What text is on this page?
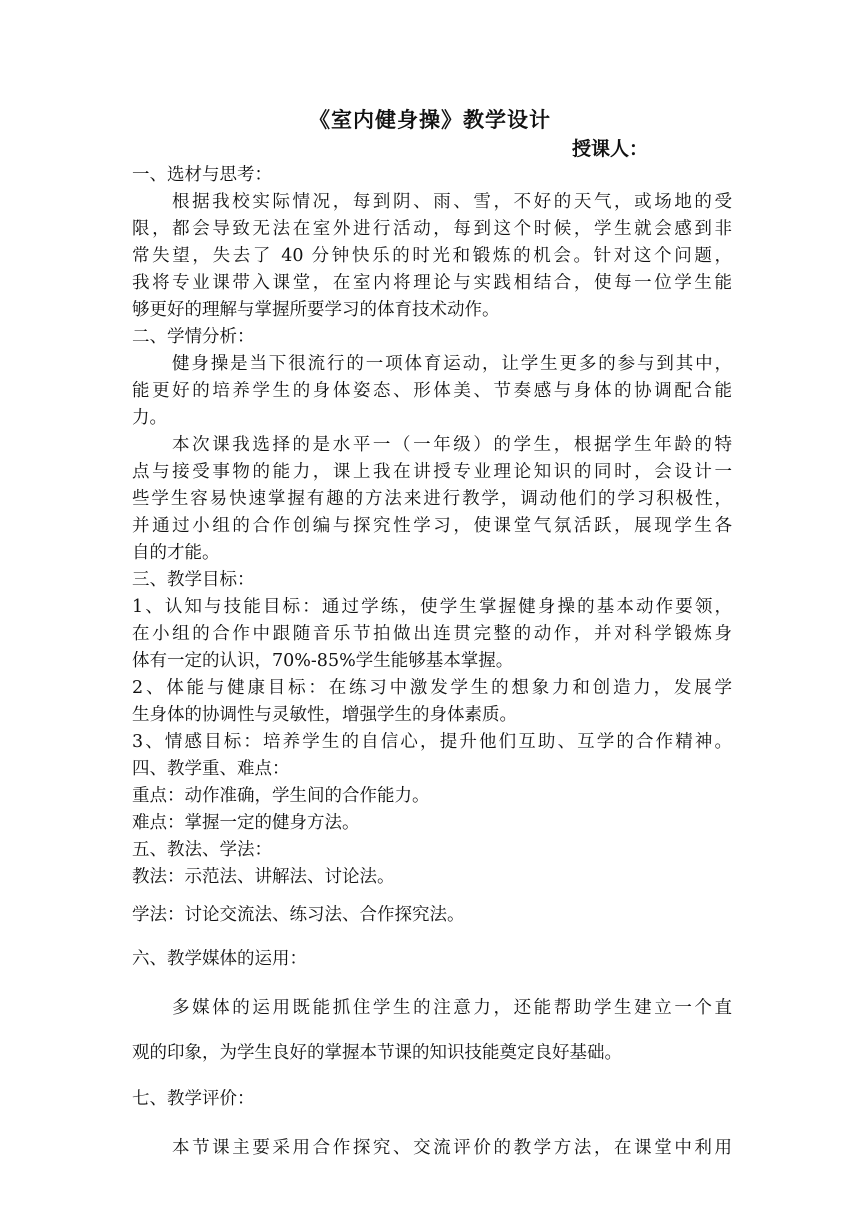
《室内健身操》教学设计
授课人：
一、选材与思考：
根据我校实际情况，每到阴、雨、雪，不好的天气，或场地的受
限，都会导致无法在室外进行活动，每到这个时候，学生就会感到非
常失望，失去了 40 分钟快乐的时光和锻炼的机会。针对这个问题，
我将专业课带入课堂，在室内将理论与实践相结合，使每一位学生能
够更好的理解与掌握所要学习的体育技术动作。
二、学情分析：
健身操是当下很流行的一项体育运动，让学生更多的参与到其中，
能更好的培养学生的身体姿态、形体美、节奏感与身体的协调配合能
力。
本次课我选择的是水平一（一年级）的学生，根据学生年龄的特
点与接受事物的能力，课上我在讲授专业理论知识的同时，会设计一
些学生容易快速掌握有趣的方法来进行教学，调动他们的学习积极性，
并通过小组的合作创编与探究性学习，使课堂气氛活跃，展现学生各
自的才能。
三、教学目标：
1、认知与技能目标：通过学练，使学生掌握健身操的基本动作要领，
在小组的合作中跟随音乐节拍做出连贯完整的动作，并对科学锻炼身
体有一定的认识，70%-85%学生能够基本掌握。
2、体能与健康目标：在练习中激发学生的想象力和创造力，发展学
生身体的协调性与灵敏性，增强学生的身体素质。
3、情感目标：培养学生的自信心，提升他们互助、互学的合作精神。
四、教学重、难点：
重点：动作准确，学生间的合作能力。
难点：掌握一定的健身方法。
五、教法、学法：
教法：示范法、讲解法、讨论法。
学法：讨论交流法、练习法、合作探究法。
六、教学媒体的运用：
多媒体的运用既能抓住学生的注意力，还能帮助学生建立一个直
观的印象，为学生良好的掌握本节课的知识技能奠定良好基础。
七、教学评价：
本节课主要采用合作探究、交流评价的教学方法，在课堂中利用
